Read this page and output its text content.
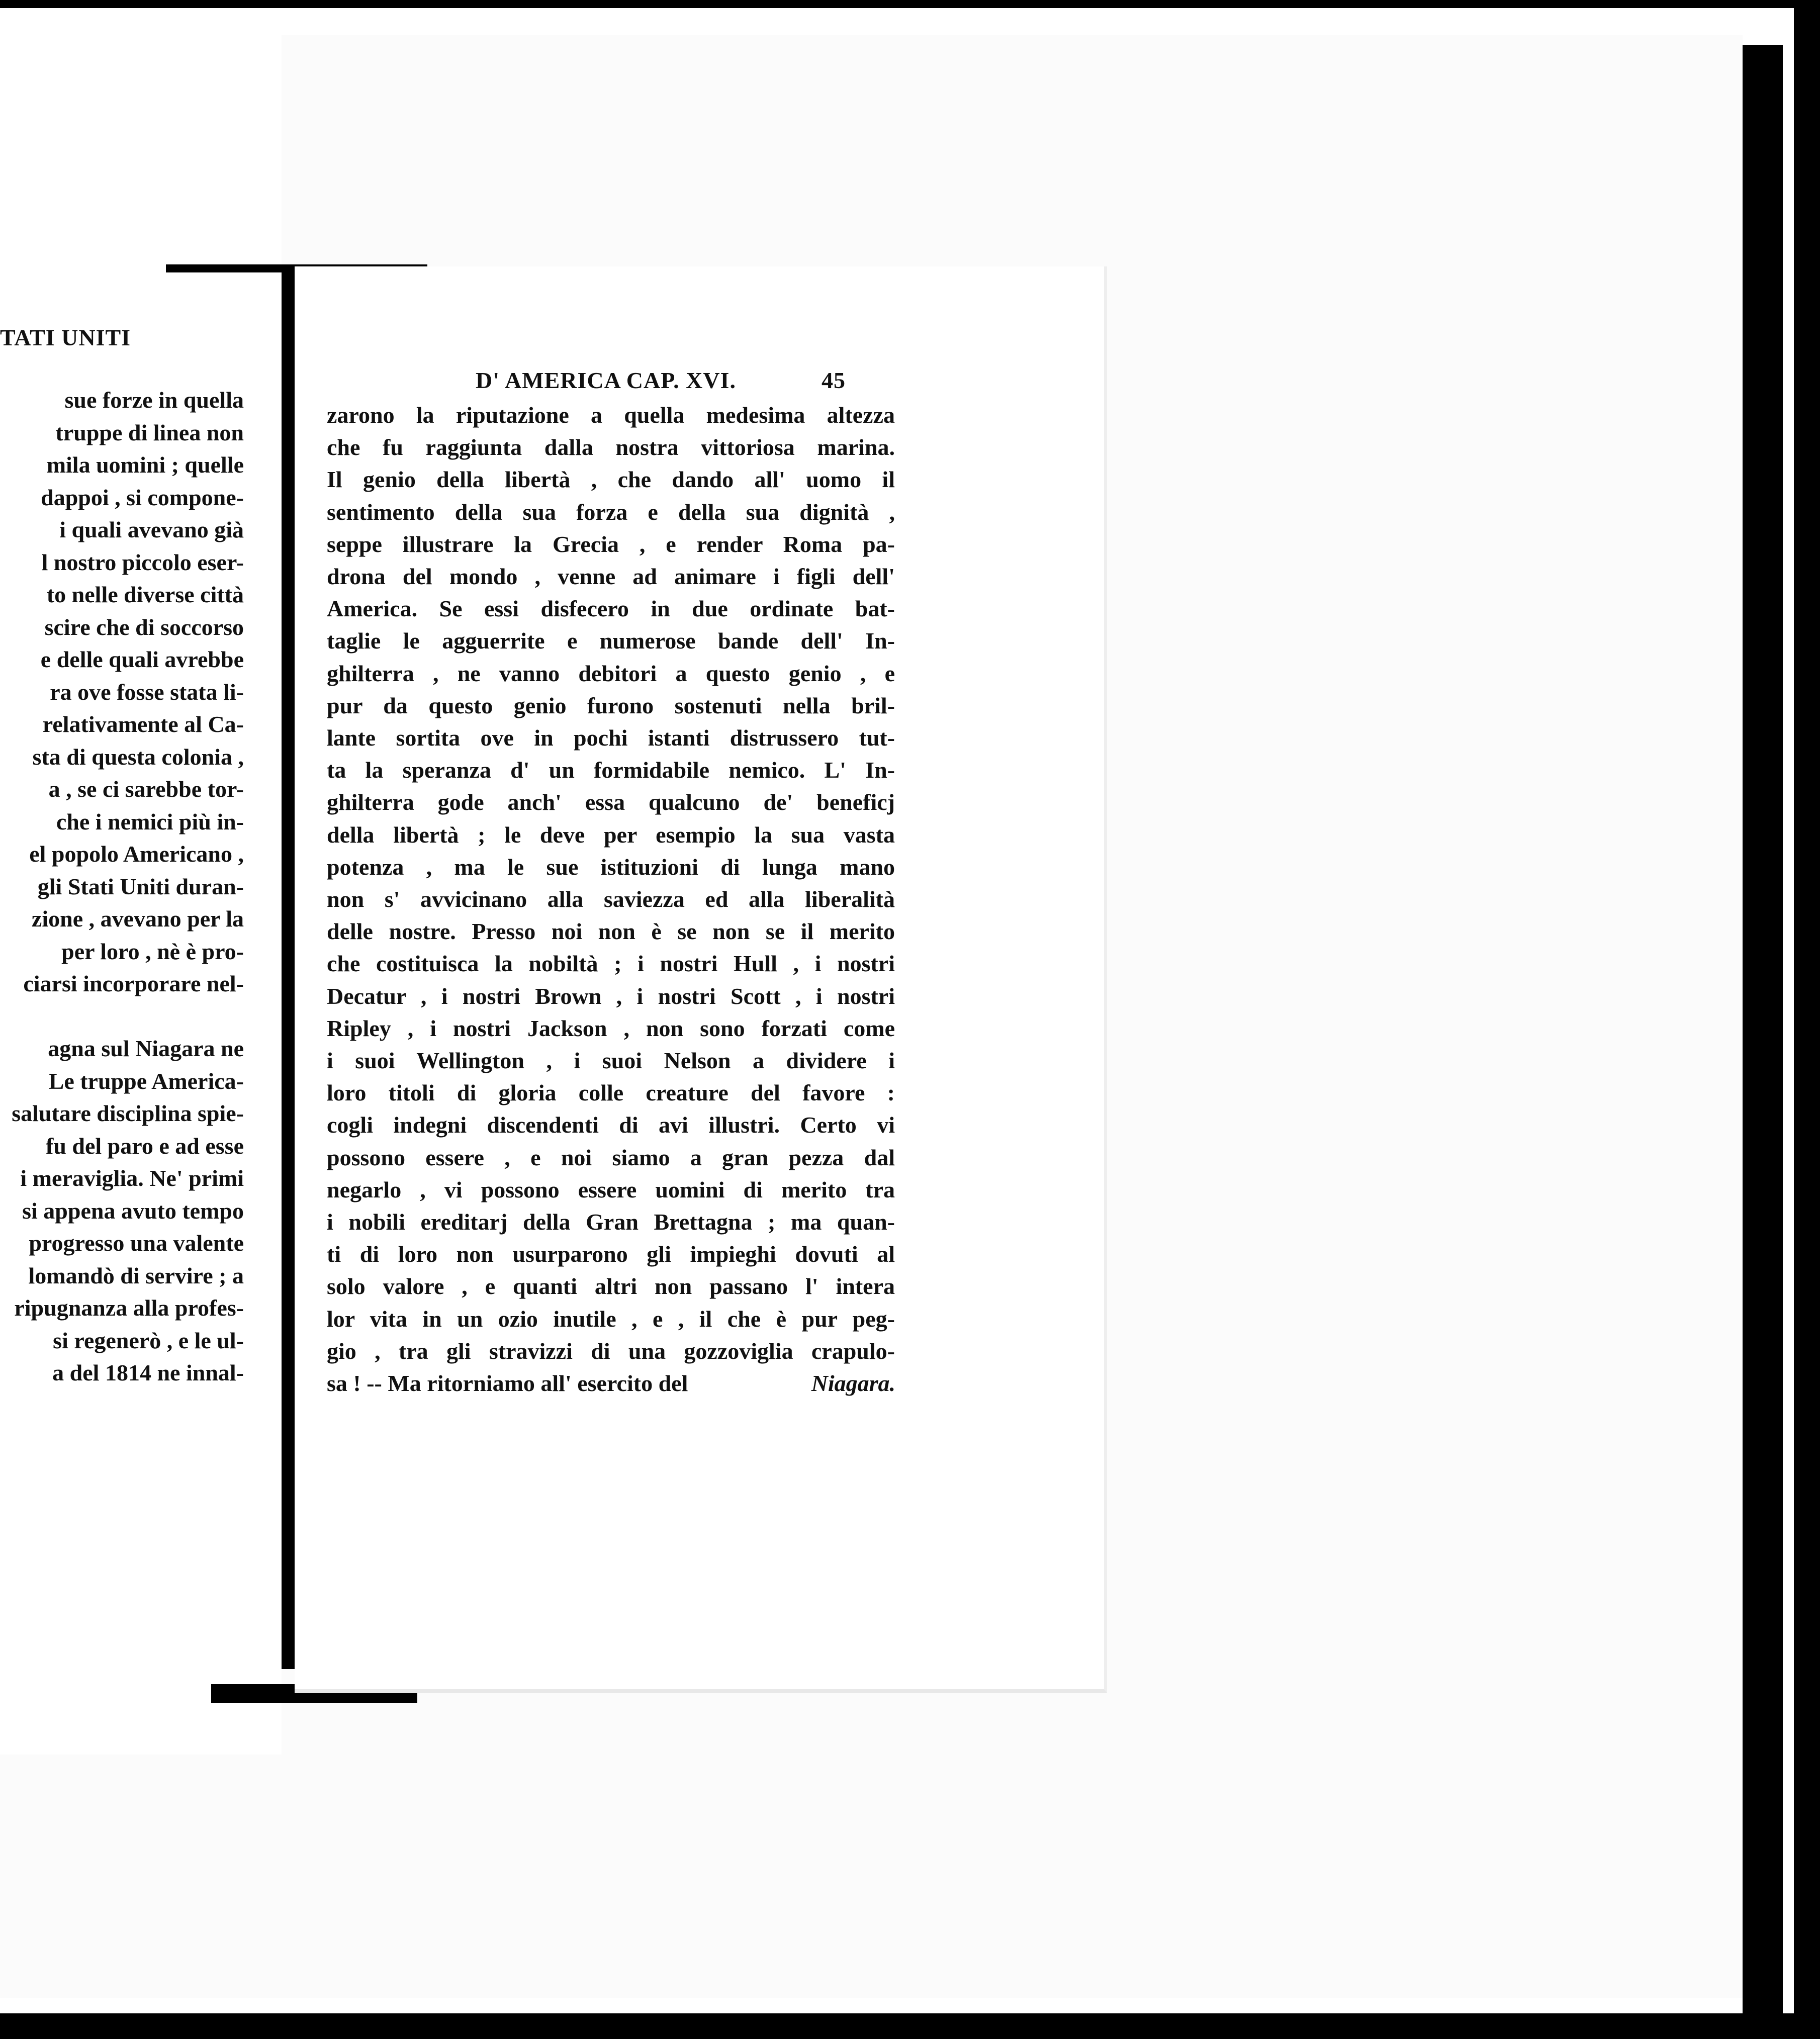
TATI UNITI
sue forze in quella
truppe di linea non
mila uomini ; quelle
dappoi , si compone-
i quali avevano già
l nostro piccolo eser-
to nelle diverse città
scire che di soccorso
e delle quali avrebbe
ra ove fosse stata li-
relativamente al Ca-
sta di questa colonia ,
a , se ci sarebbe tor-
che i nemici più in-
el popolo Americano ,
gli Stati Uniti duran-
zione , avevano per la
per loro , nè è pro-
ciarsi incorporare nel-
agna sul Niagara ne
Le truppe America-
salutare disciplina spie-
fu del paro e ad esse
i meraviglia. Ne' primi
si appena avuto tempo
progresso una valente
lomandò di servire ; a
ripugnanza alla profes-
si regenerò , e le ul-
a del 1814 ne innal-
D' AMERICA CAP. XVI.	45
zarono la riputazione a quella medesima altezza
che fu raggiunta dalla nostra vittoriosa marina.
Il genio della libertà , che dando all' uomo il
sentimento della sua forza e della sua dignità ,
seppe illustrare la Grecia , e render Roma pa-
drona del mondo , venne ad animare i figli dell'
America. Se essi disfecero in due ordinate bat-
taglie le agguerrite e numerose bande dell' In-
ghilterra , ne vanno debitori a questo genio , e
pur da questo genio furono sostenuti nella bril-
lante sortita ove in pochi istanti distrussero tut-
ta la speranza d' un formidabile nemico. L' In-
ghilterra gode anch' essa qualcuno de' beneficj
della libertà ; le deve per esempio la sua vasta
potenza , ma le sue istituzioni di lunga mano
non s' avvicinano alla saviezza ed alla liberalità
delle nostre. Presso noi non è se non se il merito
che costituisca la nobiltà ; i nostri Hull , i nostri
Decatur , i nostri Brown , i nostri Scott , i nostri
Ripley , i nostri Jackson , non sono forzati come
i suoi Wellington , i suoi Nelson a dividere i
loro titoli di gloria colle creature del favore :
cogli indegni discendenti di avi illustri. Certo vi
possono essere , e noi siamo a gran pezza dal
negarlo , vi possono essere uomini di merito tra
i nobili ereditarj della Gran Brettagna ; ma quan-
ti di loro non usurparono gli impieghi dovuti al
solo valore , e quanti altri non passano l' intera
lor vita in un ozio inutile , e , il che è pur peg-
gio , tra gli stravizzi di una gozzoviglia crapulo-
sa ! -- Ma ritorniamo all' esercito del	Niagara.
